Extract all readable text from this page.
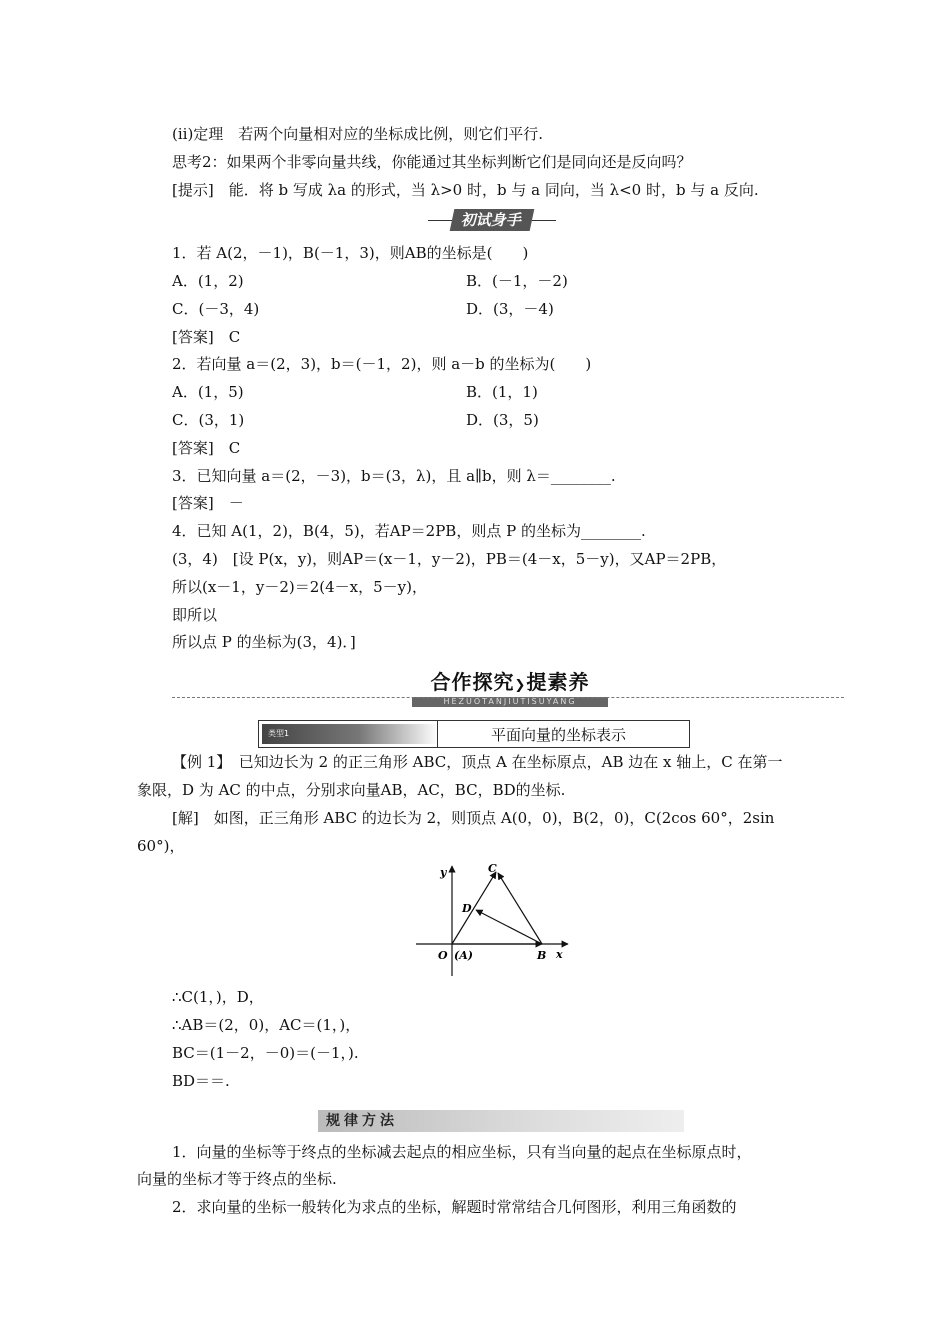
(ⅱ)定理　若两个向量相对应的坐标成比例，则它们平行.
思考2：如果两个非零向量共线，你能通过其坐标判断它们是同向还是反向吗？
[提示]　能．将 b 写成 λa 的形式，当 λ>0 时，b 与 a 同向，当 λ<0 时，b 与 a 反向.
初试身手
1．若 A(2，－1)，B(－1，3)，则AB的坐标是(　　)
A．(1，2)	B．(－1，－2)
C．(－3，4)	D．(3，－4)
[答案]　C
2．若向量 a＝(2，3)，b＝(－1，2)，则 a－b 的坐标为(　　)
A．(1，5)	B．(1，1)
C．(3，1)	D．(3，5)
[答案]　C
3．已知向量 a＝(2，－3)，b＝(3，λ)，且 a∥b，则 λ＝________.
[答案]　－
4．已知 A(1，2)，B(4，5)，若AP＝2PB，则点 P 的坐标为________.
(3，4)　[设 P(x，y)，则AP＝(x－1，y－2)，PB＝(4－x，5－y)，又AP＝2PB，
所以(x－1，y－2)＝2(4－x，5－y)，
即所以
所以点 P 的坐标为(3，4)．]
合作探究❯提素养
HEZUOTANJIUTISUYANG
类型1	平面向量的坐标表示
【例 1】　已知边长为 2 的正三角形 ABC，顶点 A 在坐标原点，AB 边在 x 轴上，C 在第一
象限，D 为 AC 的中点，分别求向量AB，AC，BC，BD的坐标.
[解]　如图，正三角形 ABC 的边长为 2，则顶点 A(0，0)，B(2，0)，C(2cos 60°，2sin
60°)，
y
x
O (A)	B
C
D
∴C(1，)，D，
∴AB＝(2，0)，AC＝(1，)，
BC＝(1－2，－0)＝(－1，).
BD＝＝.
规律方法
1．向量的坐标等于终点的坐标减去起点的相应坐标，只有当向量的起点在坐标原点时，
向量的坐标才等于终点的坐标.
2．求向量的坐标一般转化为求点的坐标，解题时常常结合几何图形，利用三角函数的
